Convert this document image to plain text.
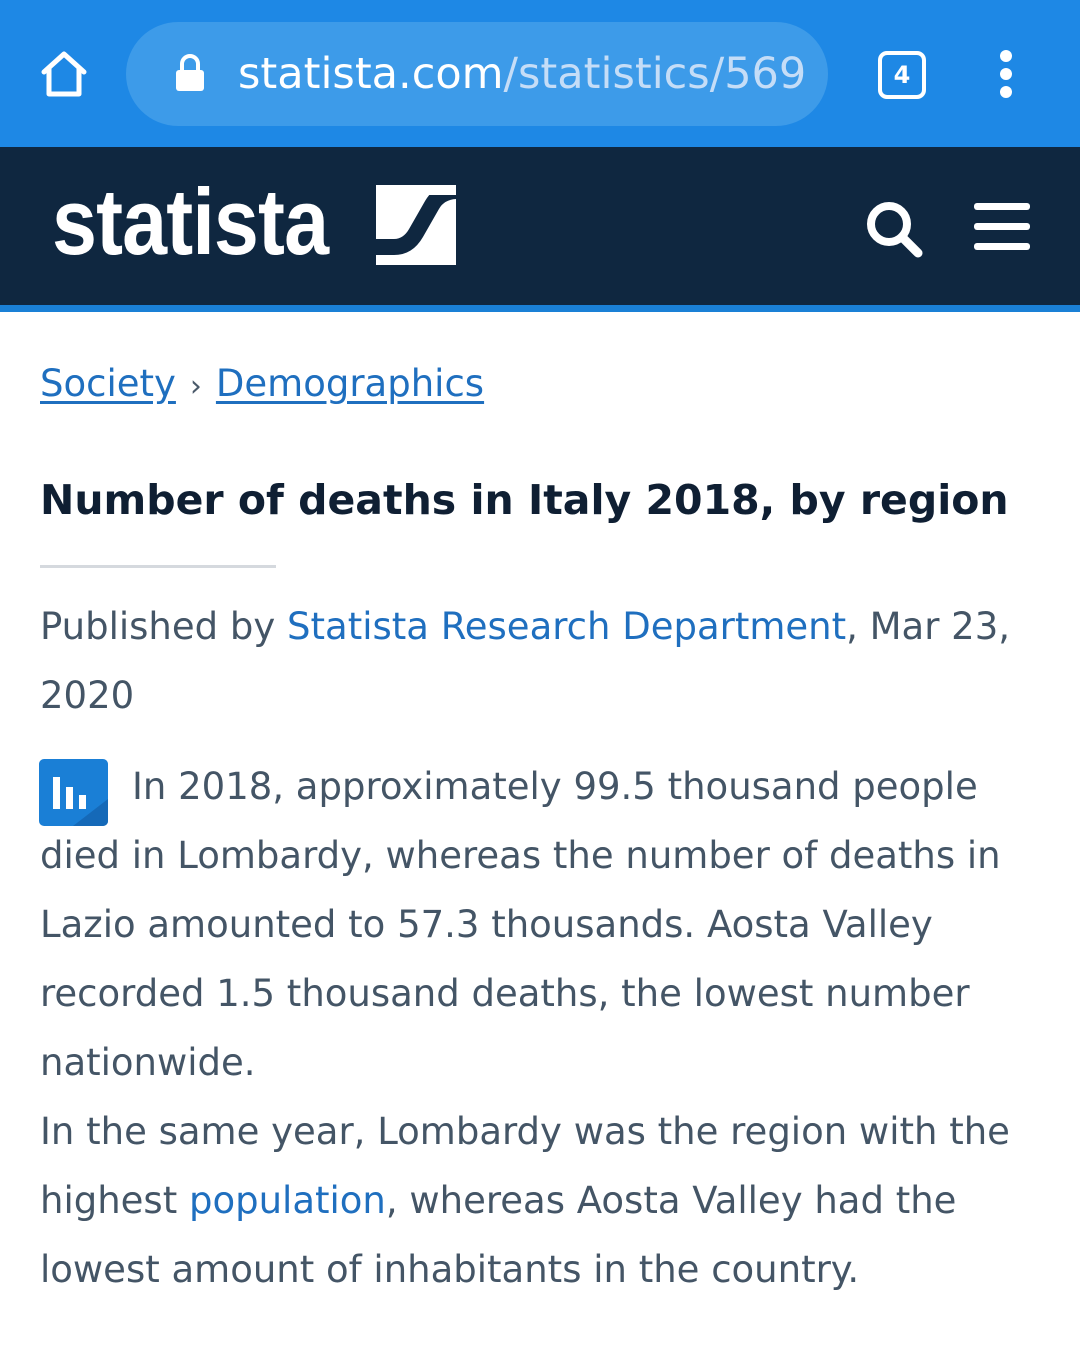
statista.com/statistics/569	4
statista
Society › Demographics
Number of deaths in Italy 2018, by region
Published by Statista Research Department, Mar 23, 2020
In 2018, approximately 99.5 thousand people died in Lombardy, whereas the number of deaths in Lazio amounted to 57.3 thousands. Aosta Valley recorded 1.5 thousand deaths, the lowest number nationwide.
In the same year, Lombardy was the region with the highest population, whereas Aosta Valley had the lowest amount of inhabitants in the country.
